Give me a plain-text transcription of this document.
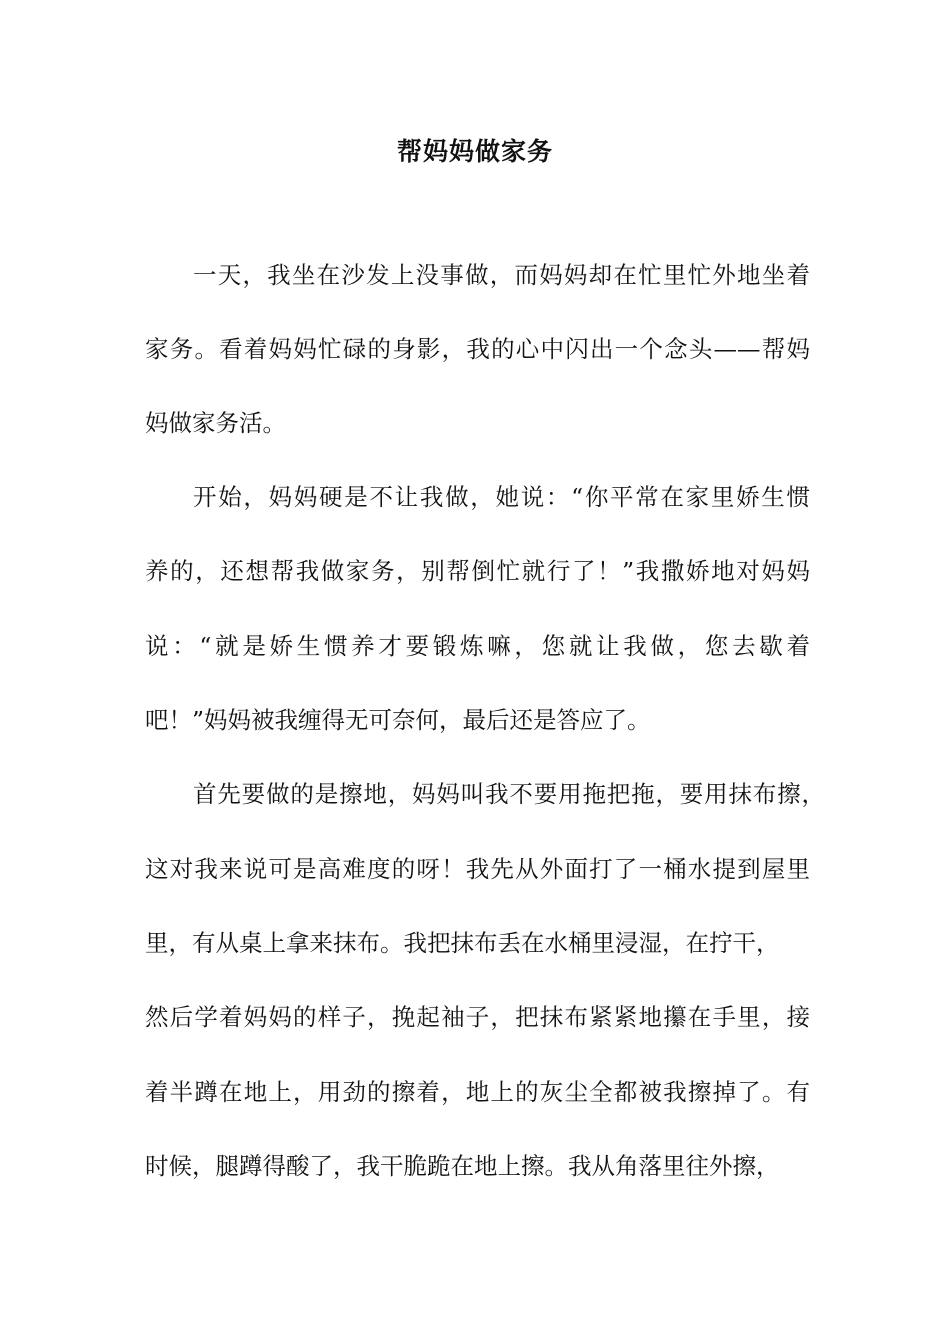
帮妈妈做家务

一天，我坐在沙发上没事做，而妈妈却在忙里忙外地坐着

家务。看着妈妈忙碌的身影，我的心中闪出一个念头——帮妈

妈做家务活。

开始，妈妈硬是不让我做，她说：“你平常在家里娇生惯

养的，还想帮我做家务，别帮倒忙就行了！”我撒娇地对妈妈

说：“就是娇生惯养才要锻炼嘛，您就让我做，您去歇着

吧！”妈妈被我缠得无可奈何，最后还是答应了。

首先要做的是擦地，妈妈叫我不要用拖把拖，要用抹布擦，

这对我来说可是高难度的呀！我先从外面打了一桶水提到屋里

里，有从桌上拿来抹布。我把抹布丢在水桶里浸湿，在拧干，

然后学着妈妈的样子，挽起袖子，把抹布紧紧地攥在手里，接

着半蹲在地上，用劲的擦着，地上的灰尘全都被我擦掉了。有

时候，腿蹲得酸了，我干脆跪在地上擦。我从角落里往外擦，
